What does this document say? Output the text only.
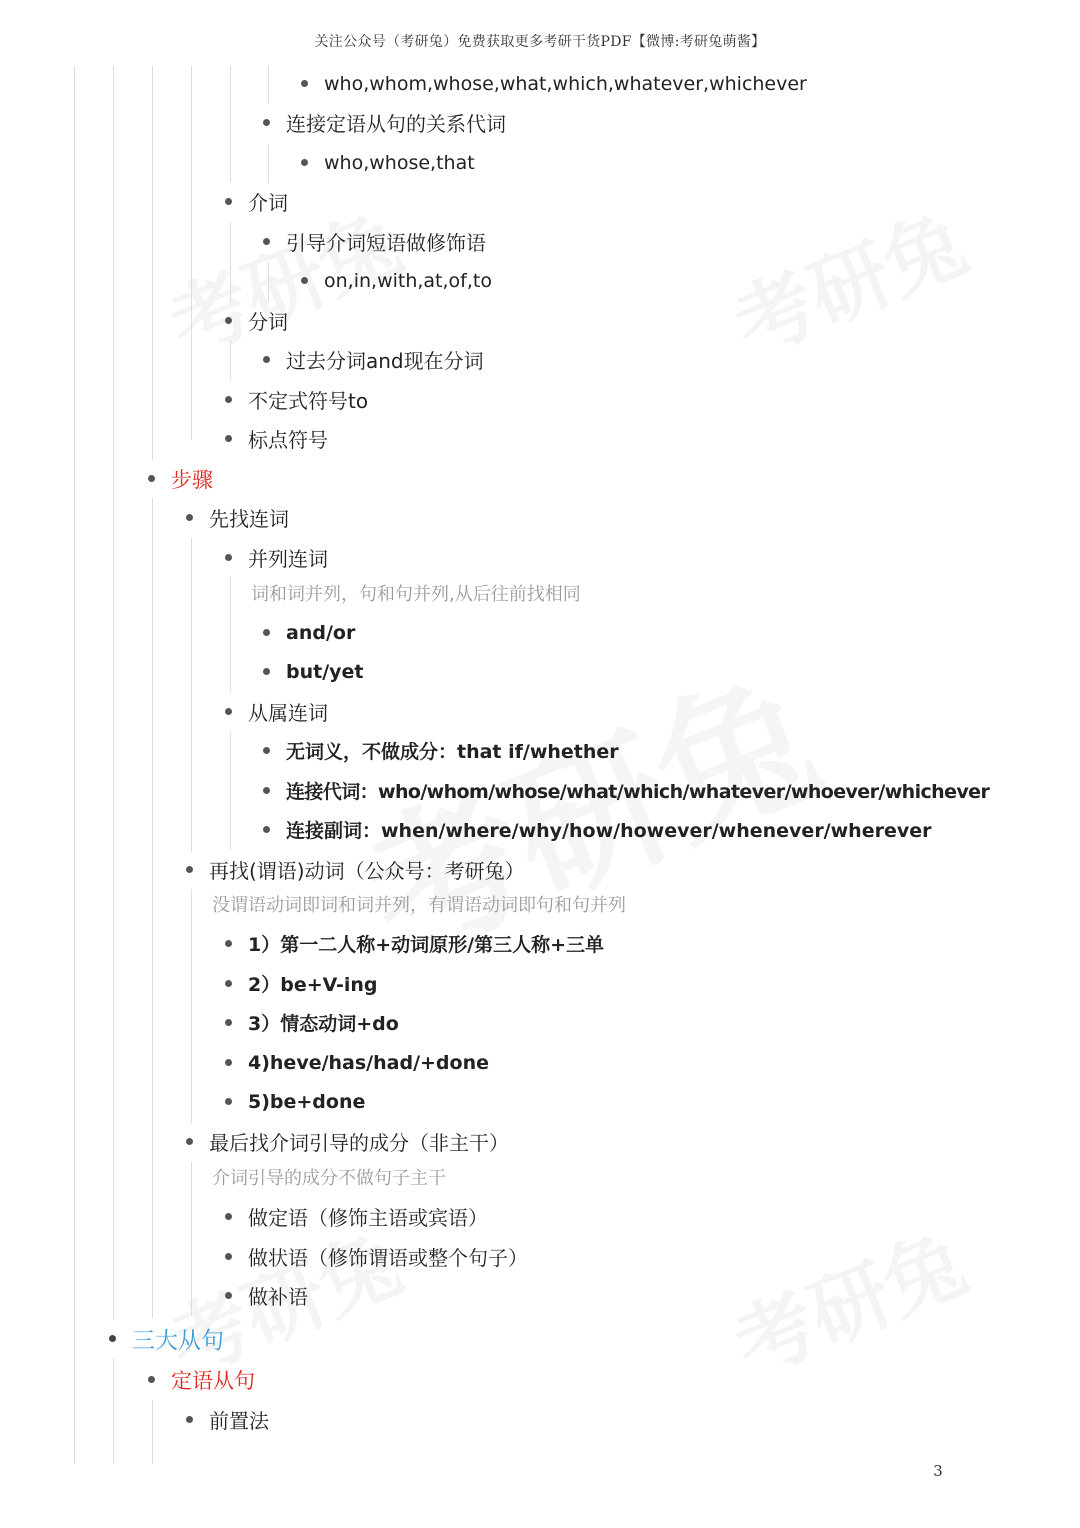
关注公众号（考研兔）免费获取更多考研干货PDF【微博:考研兔萌酱】
who,whom,whose,what,which,whatever,whichever
连接定语从句的关系代词
who,whose,that
介词
引导介词短语做修饰语
on,in,with,at,of,to
分词
过去分词and现在分词
不定式符号to
标点符号
步骤
先找连词
并列连词
词和词并列，句和句并列,从后往前找相同
and/or
but/yet
从属连词
无词义，不做成分：that if/whether
连接代词：who/whom/whose/what/which/whatever/whoever/whichever
连接副词：when/where/why/how/however/whenever/wherever
再找(谓语)动词（公众号：考研兔）
没谓语动词即词和词并列，有谓语动词即句和句并列
1）第一二人称+动词原形/第三人称+三单
2）be+V-ing
3）情态动词+do
4)heve/has/had/+done
5)be+done
最后找介词引导的成分（非主干）
介词引导的成分不做句子主干
做定语（修饰主语或宾语）
做状语（修饰谓语或整个句子）
做补语
三大从句
定语从句
前置法
3
